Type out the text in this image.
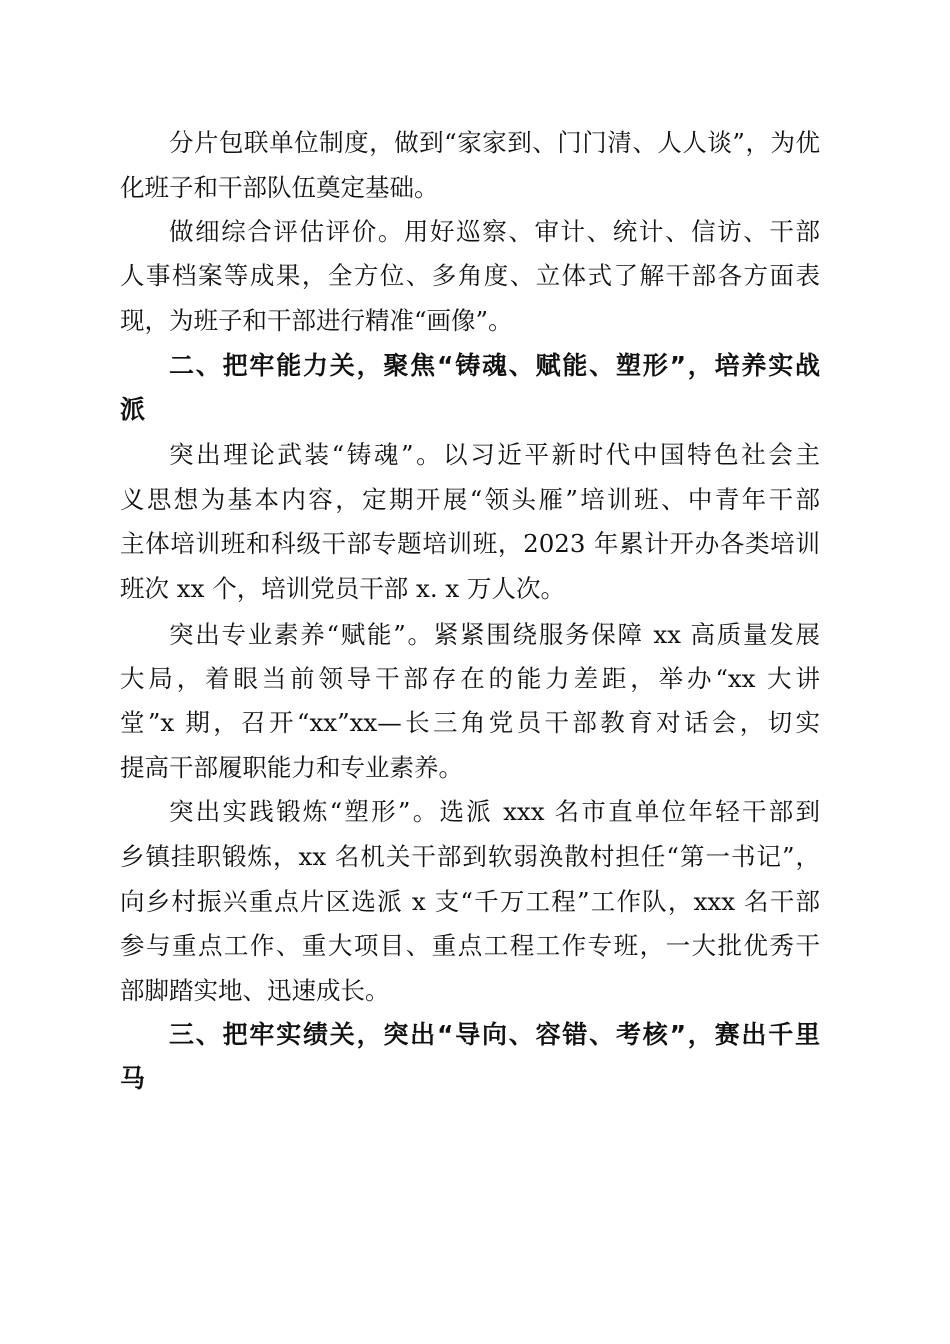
分片包联单位制度，做到“家家到、门门清、人人谈”，为优
化班子和干部队伍奠定基础。
做细综合评估评价。用好巡察、审计、统计、信访、干部
人事档案等成果，全方位、多角度、立体式了解干部各方面表
现，为班子和干部进行精准“画像”。
二、把牢能力关，聚焦“铸魂、赋能、塑形”，培养实战
派
突出理论武装“铸魂”。以习近平新时代中国特色社会主
义思想为基本内容，定期开展“领头雁”培训班、中青年干部
主体培训班和科级干部专题培训班，2023 年累计开办各类培训
班次 xx 个，培训党员干部 x. x 万人次。
突出专业素养“赋能”。紧紧围绕服务保障 xx 高质量发展
大局，着眼当前领导干部存在的能力差距，举办“xx 大讲
堂”x 期，召开“xx”xx—长三角党员干部教育对话会，切实
提高干部履职能力和专业素养。
突出实践锻炼“塑形”。选派 xxx 名市直单位年轻干部到
乡镇挂职锻炼，xx 名机关干部到软弱涣散村担任“第一书记”，
向乡村振兴重点片区选派 x 支“千万工程”工作队，xxx 名干部
参与重点工作、重大项目、重点工程工作专班，一大批优秀干
部脚踏实地、迅速成长。
三、把牢实绩关，突出“导向、容错、考核”，赛出千里
马
